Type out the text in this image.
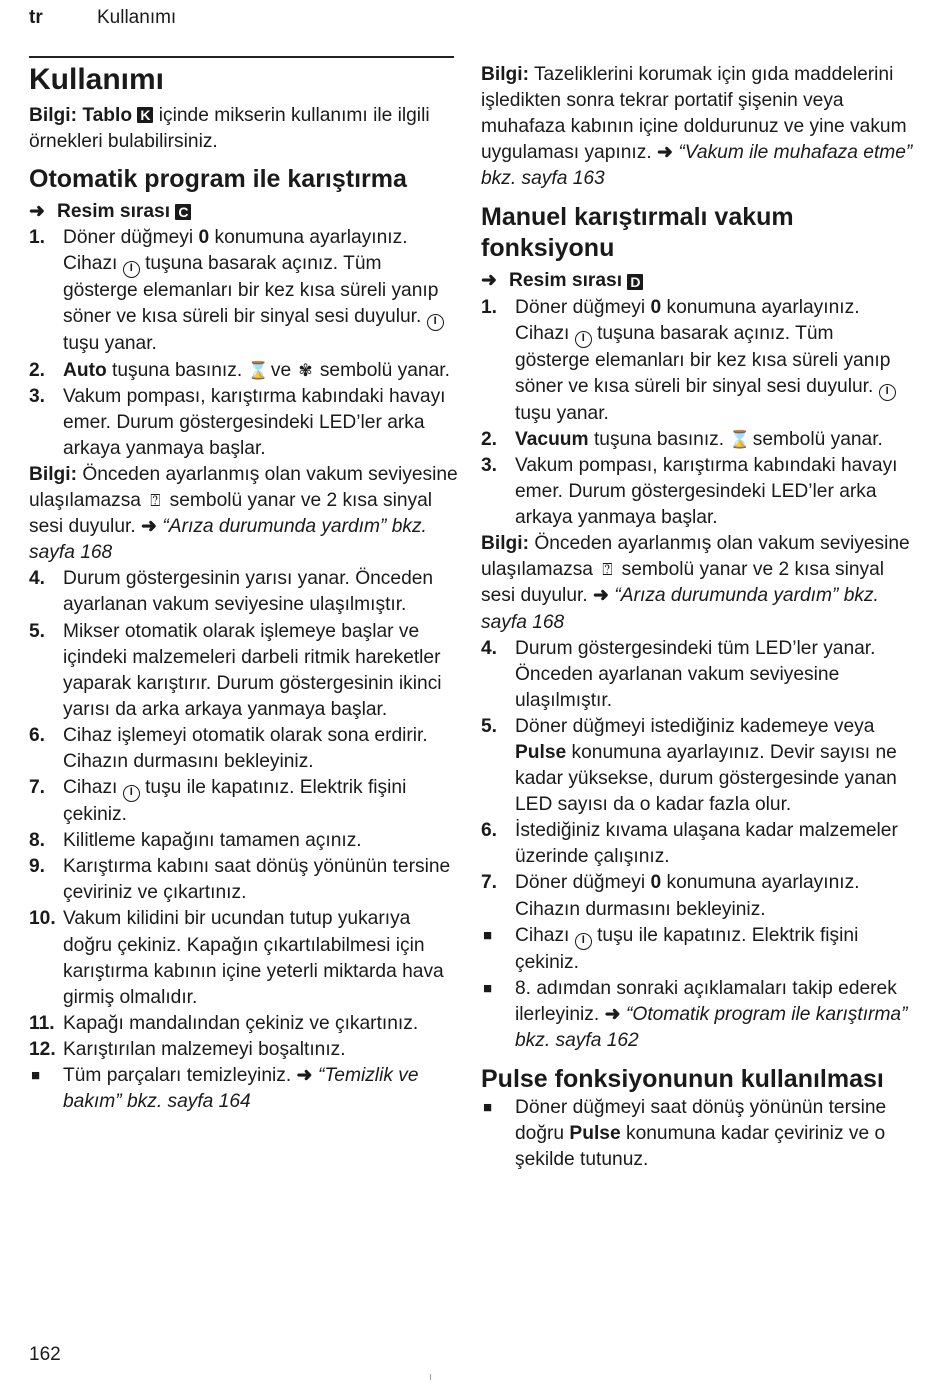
tr	Kullanımı
Kullanımı

Bilgi: Tablo K içinde mikserin kullanımı ile ilgili örnekleri bulabilirsiniz.

Otomatik program ile karıştırma
➜ Resim sırası
C
1. Döner düğmeyi 0 konumuna ayarlayınız. Cihazı I tuşuna basarak açınız. Tüm gösterge elemanları bir kez kısa süreli yanıp söner ve kısa süreli bir sinyal sesi duyulur. I tuşu yanar.
2. Auto tuşuna basınız. ⌛ ve ✾ sembolü yanar.
3. Vakum pompası, karıştırma kabındaki havayı emer. Durum göstergesindeki LED’ler arka arkaya yanmaya başlar.

Bilgi: Önceden ayarlanmış olan vakum seviyesine ulaşılamazsa ⍰ sembolü yanar ve 2 kısa sinyal sesi duyulur. ➜ “Arıza durumunda yardım” bkz. sayfa 168

4. Durum göstergesinin yarısı yanar. Önceden ayarlanan vakum seviyesine ulaşılmıştır.
5. Mikser otomatik olarak işlemeye başlar ve içindeki malzemeleri darbeli ritmik hareketler yaparak karıştırır. Durum göstergesinin ikinci yarısı da arka arkaya yanmaya başlar.
6. Cihaz işlemeyi otomatik olarak sona erdirir. Cihazın durmasını bekleyiniz.
7. Cihazı I tuşu ile kapatınız. Elektrik fişini çekiniz.
8. Kilitleme kapağını tamamen açınız.
9. Karıştırma kabını saat dönüş yönünün tersine çeviriniz ve çıkartınız.
10. Vakum kilidini bir ucundan tutup yukarıya doğru çekiniz. Kapağın çıkartılabilmesi için karıştırma kabının içine yeterli miktarda hava girmiş olmalıdır.
11. Kapağı mandalından çekiniz ve çıkartınız.
12. Karıştırılan malzemeyi boşaltınız.
■	Tüm parçaları temizleyiniz. ➜ “Temizlik ve bakım” bkz. sayfa 164

Bilgi: Tazeliklerini korumak için gıda maddelerini işledikten sonra tekrar portatif şişenin veya muhafaza kabının içine doldurunuz ve yine vakum uygulaması yapınız. ➜ “Vakum ile muhafaza etme” bkz. sayfa 163

Manuel karıştırmalı vakum fonksiyonu
➜ Resim sırası
D
1. Döner düğmeyi 0 konumuna ayarlayınız. Cihazı I tuşuna basarak açınız. Tüm gösterge elemanları bir kez kısa süreli yanıp söner ve kısa süreli bir sinyal sesi duyulur. I tuşu yanar.
2. Vacuum tuşuna basınız. ⌛ sembolü yanar.
3. Vakum pompası, karıştırma kabındaki havayı emer. Durum göstergesindeki LED’ler arka arkaya yanmaya başlar.

Bilgi: Önceden ayarlanmış olan vakum seviyesine ulaşılamazsa ⍰ sembolü yanar ve 2 kısa sinyal sesi duyulur. ➜ “Arıza durumunda yardım” bkz. sayfa 168

4. Durum göstergesindeki tüm LED’ler yanar. Önceden ayarlanan vakum seviyesine ulaşılmıştır.
5. Döner düğmeyi istediğiniz kademeye veya Pulse konumuna ayarlayınız. Devir sayısı ne kadar yüksekse, durum göstergesinde yanan LED sayısı da o kadar fazla olur.
6. İstediğiniz kıvama ulaşana kadar malzemeler üzerinde çalışınız.
7. Döner düğmeyi 0 konumuna ayarlayınız. Cihazın durmasını bekleyiniz.
■	Cihazı I tuşu ile kapatınız. Elektrik fişini çekiniz.
■	8. adımdan sonraki açıklamaları takip ederek ilerleyiniz. ➜ “Otomatik program ile karıştırma” bkz. sayfa 162
Pulse fonksiyonunun kullanılması
■	Döner düğmeyi saat dönüş yönünün tersine doğru Pulse konumuna kadar çeviriniz ve o şekilde tutunuz.
162
